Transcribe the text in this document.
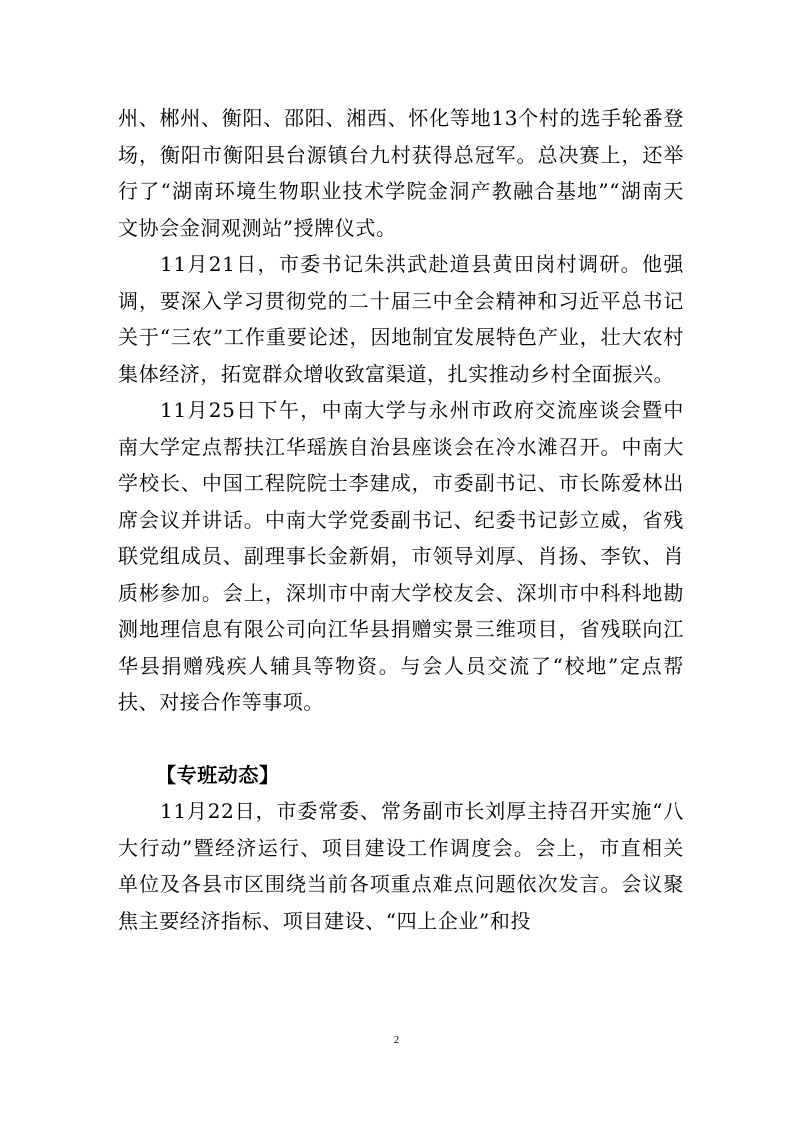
州、郴州、衡阳、邵阳、湘西、怀化等地13个村的选手轮番登场，衡阳市衡阳县台源镇台九村获得总冠军。总决赛上，还举行了“湖南环境生物职业技术学院金洞产教融合基地”“湖南天文协会金洞观测站”授牌仪式。

11月21日，市委书记朱洪武赴道县黄田岗村调研。他强调，要深入学习贯彻党的二十届三中全会精神和习近平总书记关于“三农”工作重要论述，因地制宜发展特色产业，壮大农村集体经济，拓宽群众增收致富渠道，扎实推动乡村全面振兴。

11月25日下午，中南大学与永州市政府交流座谈会暨中南大学定点帮扶江华瑶族自治县座谈会在冷水滩召开。中南大学校长、中国工程院院士李建成，市委副书记、市长陈爱林出席会议并讲话。中南大学党委副书记、纪委书记彭立威，省残联党组成员、副理事长金新娟，市领导刘厚、肖扬、李钦、肖质彬参加。会上，深圳市中南大学校友会、深圳市中科科地勘测地理信息有限公司向江华县捐赠实景三维项目，省残联向江华县捐赠残疾人辅具等物资。与会人员交流了“校地”定点帮扶、对接合作等事项。

【专班动态】

11月22日，市委常委、常务副市长刘厚主持召开实施“八大行动”暨经济运行、项目建设工作调度会。会上，市直相关单位及各县市区围绕当前各项重点难点问题依次发言。会议聚焦主要经济指标、项目建设、“四上企业”和投

2
